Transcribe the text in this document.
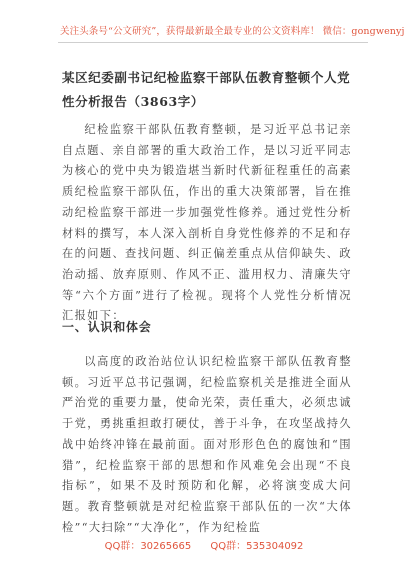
关注头条号“公文研究”，获得最新最全最专业的公文资料库！ 微信：gongwenyj
某区纪委副书记纪检监察干部队伍教育整顿个人党性分析报告（3863字）
纪检监察干部队伍教育整顿，是习近平总书记亲自点题、亲自部署的重大政治工作，是以习近平同志为核心的党中央为锻造堪当新时代新征程重任的高素质纪检监察干部队伍，作出的重大决策部署，旨在推动纪检监察干部进一步加强党性修养。通过党性分析材料的撰写，本人深入剖析自身党性修养的不足和存在的问题、查找问题、纠正偏差重点从信仰缺失、政治动摇、放弃原则、作风不正、滥用权力、清廉失守等“六个方面”进行了检视。现将个人党性分析情况汇报如下：
一、认识和体会
以高度的政治站位认识纪检监察干部队伍教育整顿。习近平总书记强调，纪检监察机关是推进全面从严治党的重要力量，使命光荣，责任重大，必须忠诚于党，勇挑重担敢打硬仗，善于斗争，在攻坚战持久战中始终冲锋在最前面。面对形形色色的腐蚀和“围猎”，纪检监察干部的思想和作风难免会出现“不良指标”，如果不及时预防和化解，必将演变成大问题。教育整顿就是对纪检监察干部队伍的一次“大体检”“大扫除”“大净化”，作为纪检监
QQ群：30265665 QQ群：535304092
